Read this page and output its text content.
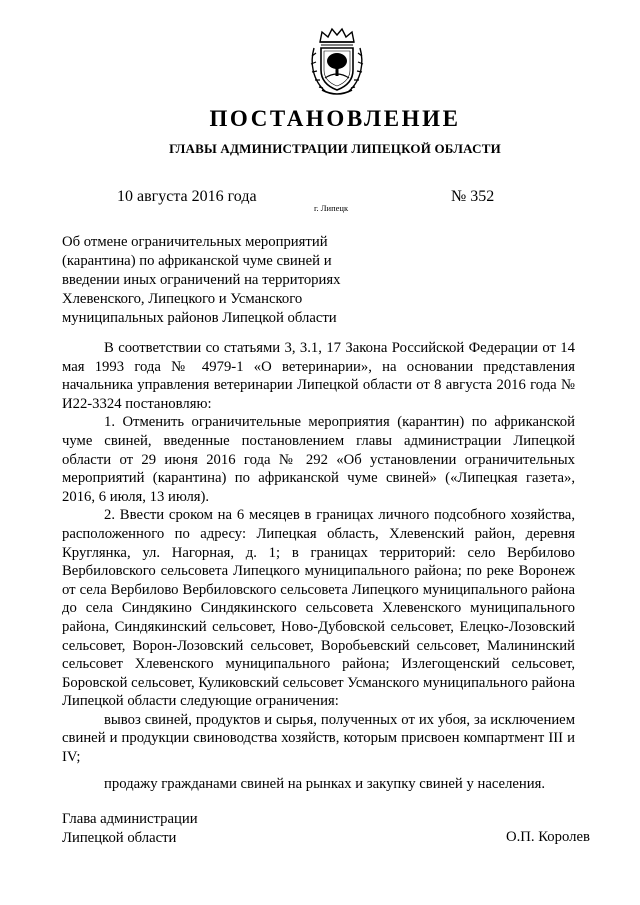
ПОСТАНОВЛЕНИЕ
ГЛАВЫ АДМИНИСТРАЦИИ ЛИПЕЦКОЙ ОБЛАСТИ
10 августа 2016 года
г. Липецк
№ 352
Об отмене ограничительных мероприятий
(карантина) по африканской чуме свиней и
введении иных ограничений на территориях
Хлевенского, Липецкого и Усманского
муниципальных районов Липецкой области

В соответствии со статьями 3, 3.1, 17 Закона Российской Федерации от 14 мая 1993 года № 4979-1 «О ветеринарии», на основании представления начальника управления ветеринарии Липецкой области от 8 августа 2016 года № И22-3324 постановляю:

1. Отменить ограничительные мероприятия (карантин) по африканской чуме свиней, введенные постановлением главы администрации Липецкой области от 29 июня 2016 года № 292 «Об установлении ограничительных мероприятий (карантина) по африканской чуме свиней» («Липецкая газета», 2016, 6 июля, 13 июля).

2. Ввести сроком на 6 месяцев в границах личного подсобного хозяйства, расположенного по адресу: Липецкая область, Хлевенский район, деревня Круглянка, ул. Нагорная, д. 1; в границах территорий: село Вербилово Вербиловского сельсовета Липецкого муниципального района; по реке Воронеж от села Вербилово Вербиловского сельсовета Липецкого муниципального района до села Синдякино Синдякинского сельсовета Хлевенского муниципального района, Синдякинский сельсовет, Ново-Дубовской сельсовет, Елецко-Лозовский сельсовет, Ворон-Лозовский сельсовет, Воробьевский сельсовет, Малининский сельсовет Хлевенского муниципального района; Излегощенский сельсовет, Боровской сельсовет, Куликовский сельсовет Усманского муниципального района Липецкой области следующие ограничения:

вывоз свиней, продуктов и сырья, полученных от их убоя, за исключением свиней и продукции свиноводства хозяйств, которым присвоен компартмент III и IV;

продажу гражданами свиней на рынках и закупку свиней у населения.

Глава администрации
Липецкой области	О.П. Королев
